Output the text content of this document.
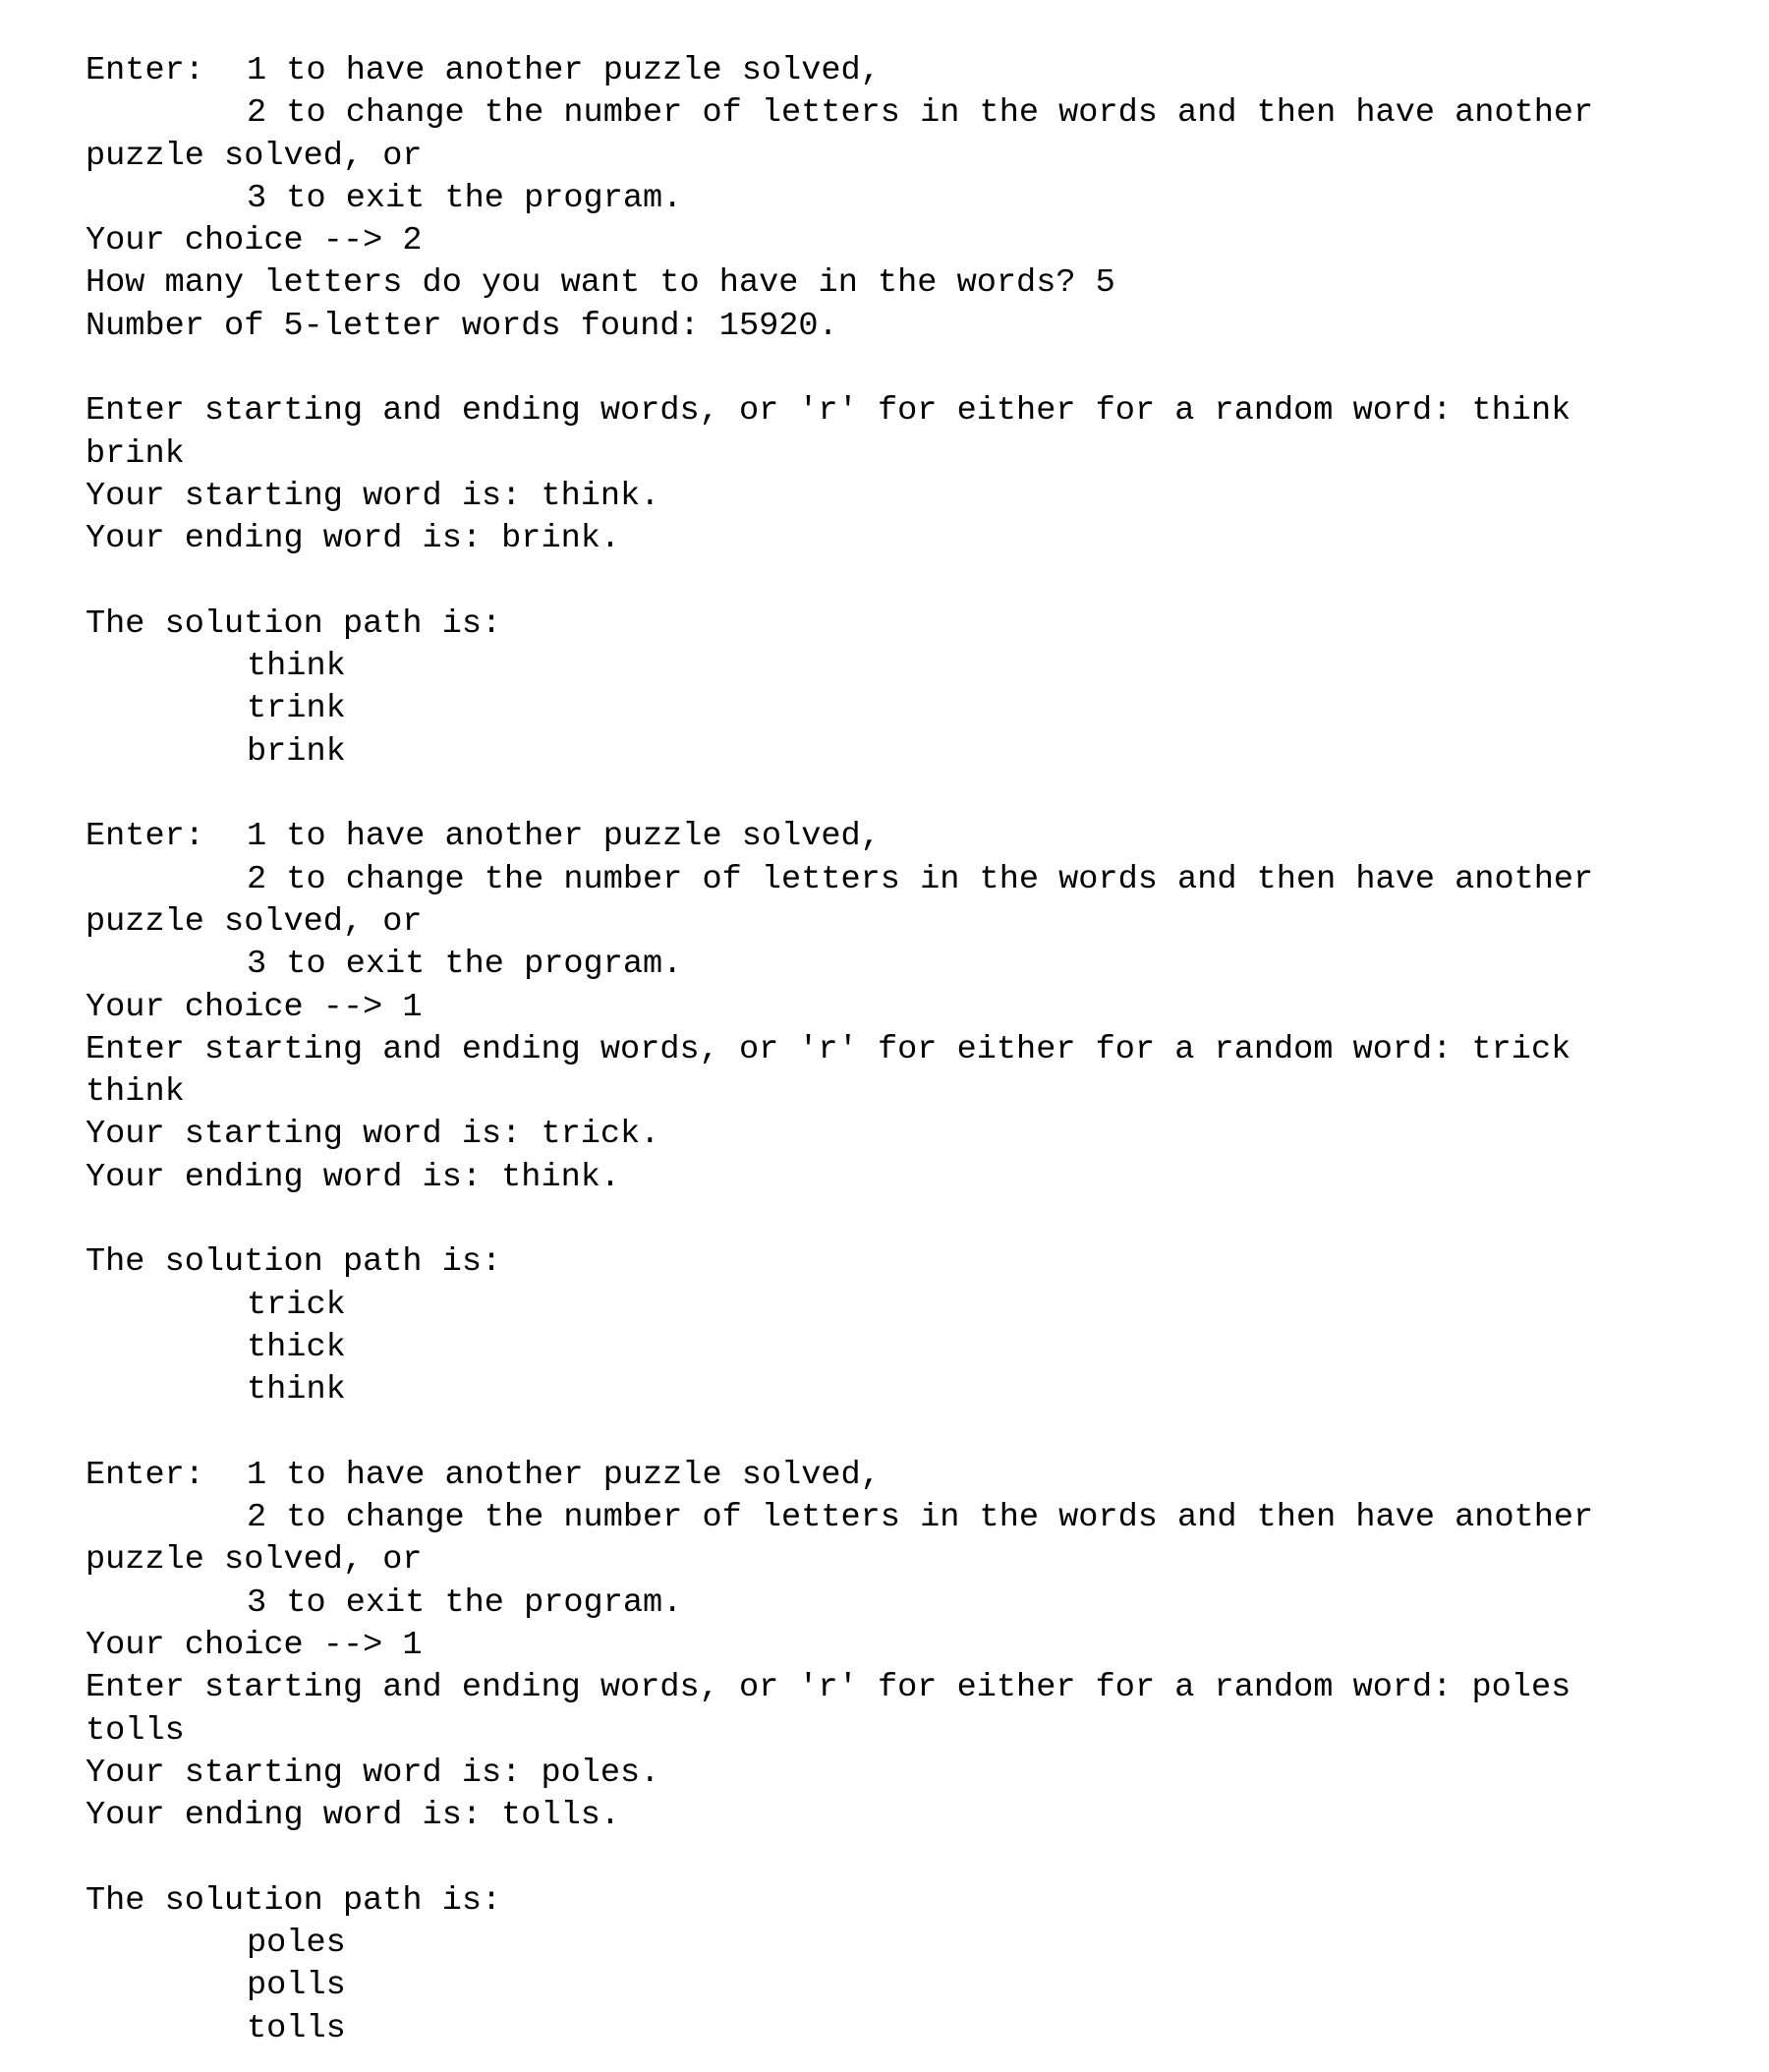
Enter: 1 to have another puzzle solved,
2 to change the number of letters in the words and then have another
puzzle solved, or
3 to exit the program.
Your choice --> 2
How many letters do you want to have in the words? 5
Number of 5-letter words found: 15920.
Enter starting and ending words, or 'r' for either for a random word: think
brink
Your starting word is: think.
Your ending word is: brink.
The solution path is:
think
trink
brink
Enter: 1 to have another puzzle solved,
2 to change the number of letters in the words and then have another
puzzle solved, or
3 to exit the program.
Your choice --> 1
Enter starting and ending words, or 'r' for either for a random word: trick
think
Your starting word is: trick.
Your ending word is: think.
The solution path is:
trick
thick
think
Enter: 1 to have another puzzle solved,
2 to change the number of letters in the words and then have another
puzzle solved, or
3 to exit the program.
Your choice --> 1
Enter starting and ending words, or 'r' for either for a random word: poles
tolls
Your starting word is: poles.
Your ending word is: tolls.
The solution path is:
poles
polls
tolls
